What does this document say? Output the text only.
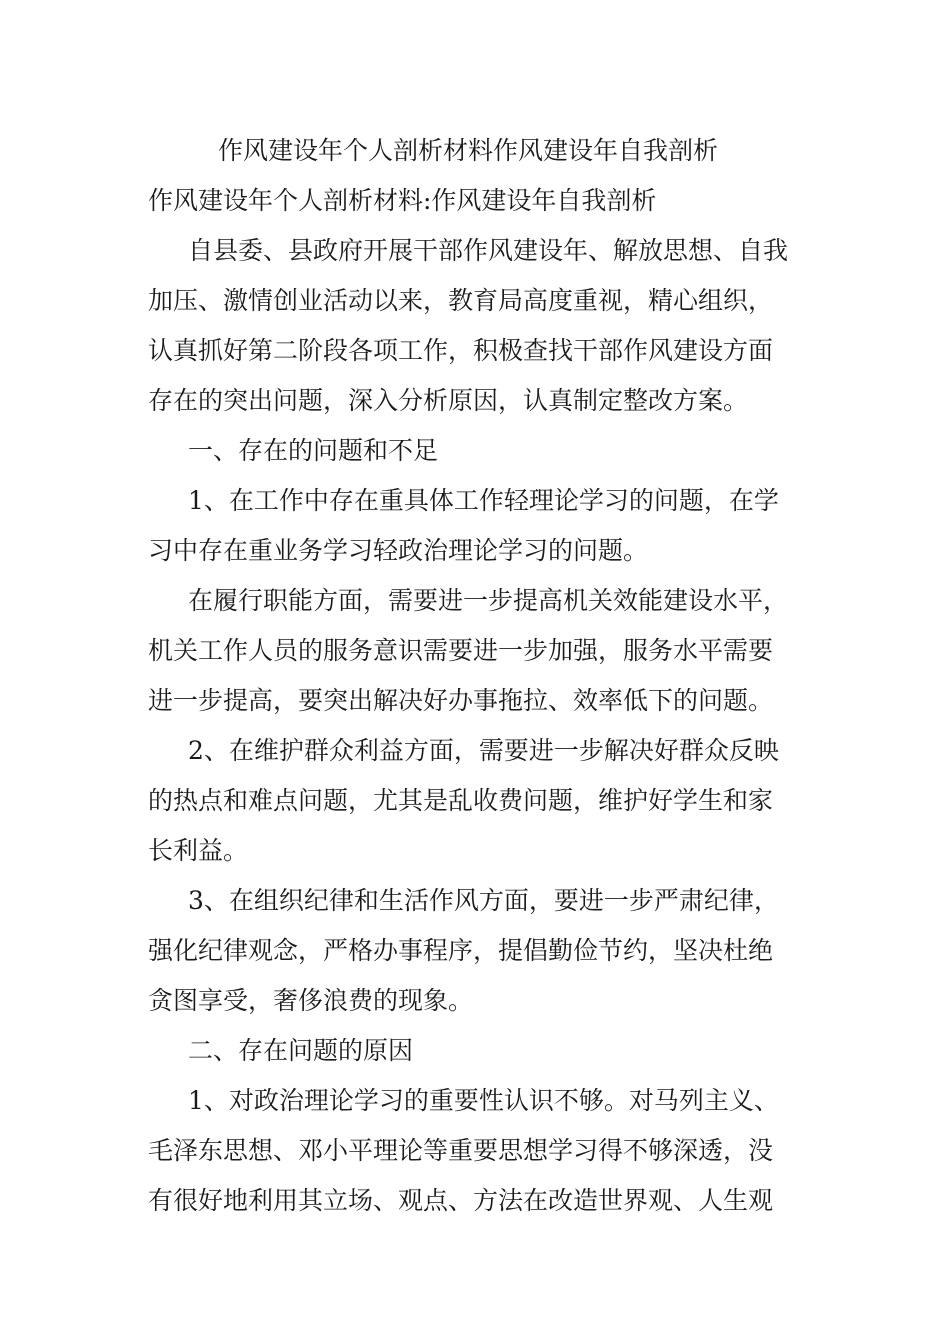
作风建设年个人剖析材料作风建设年自我剖析
作风建设年个人剖析材料:作风建设年自我剖析
自县委、县政府开展干部作风建设年、解放思想、自我
加压、激情创业活动以来，教育局高度重视，精心组织，
认真抓好第二阶段各项工作，积极查找干部作风建设方面
存在的突出问题，深入分析原因，认真制定整改方案。
一、存在的问题和不足
1、在工作中存在重具体工作轻理论学习的问题，在学
习中存在重业务学习轻政治理论学习的问题。
在履行职能方面，需要进一步提高机关效能建设水平，
机关工作人员的服务意识需要进一步加强，服务水平需要
进一步提高，要突出解决好办事拖拉、效率低下的问题。
2、在维护群众利益方面，需要进一步解决好群众反映
的热点和难点问题，尤其是乱收费问题，维护好学生和家
长利益。
3、在组织纪律和生活作风方面，要进一步严肃纪律，
强化纪律观念，严格办事程序，提倡勤俭节约，坚决杜绝
贪图享受，奢侈浪费的现象。
二、存在问题的原因
1、对政治理论学习的重要性认识不够。对马列主义、
毛泽东思想、邓小平理论等重要思想学习得不够深透，没
有很好地利用其立场、观点、方法在改造世界观、人生观
